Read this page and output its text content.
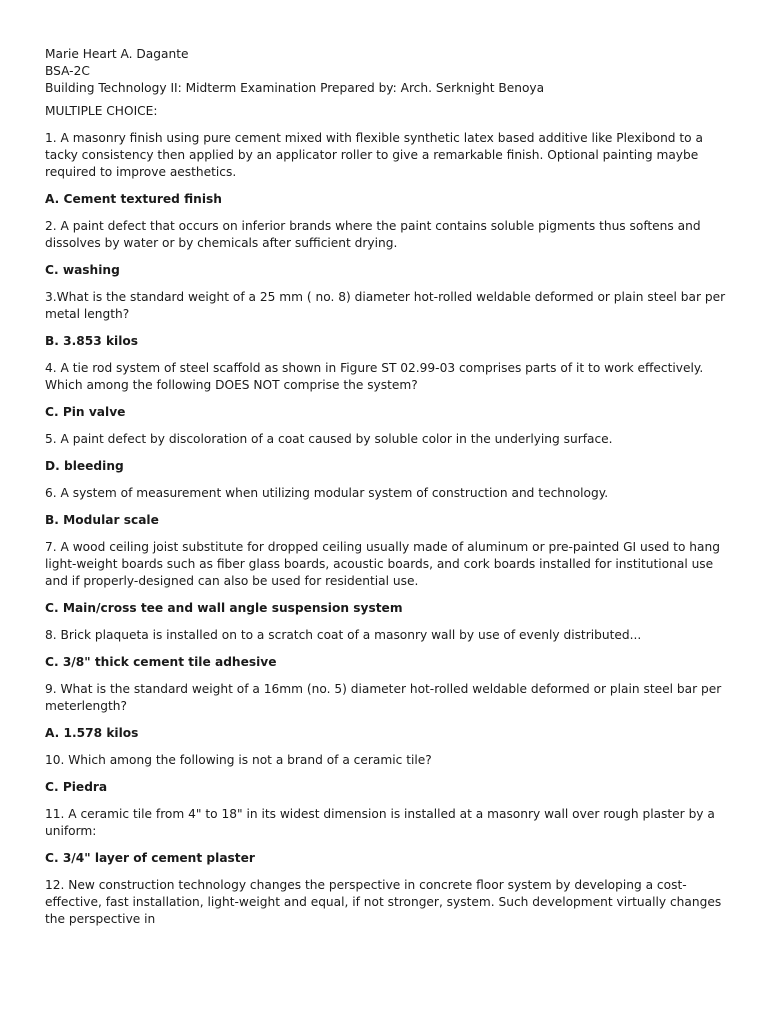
Marie Heart A. Dagante
BSA-2C
Building Technology II: Midterm Examination Prepared by: Arch. Serknight Benoya
MULTIPLE CHOICE:
1. A masonry finish using pure cement mixed with flexible synthetic latex based additive like Plexibond to a tacky consistency then applied by an applicator roller to give a remarkable finish. Optional painting maybe required to improve aesthetics.
A. Cement textured finish
2. A paint defect that occurs on inferior brands where the paint contains soluble pigments thus softens and dissolves by water or by chemicals after sufficient drying.
C. washing
3.What is the standard weight of a 25 mm ( no. 8) diameter hot-rolled weldable deformed or plain steel bar per metal length?
B. 3.853 kilos
4. A tie rod system of steel scaffold as shown in Figure ST 02.99-03 comprises parts of it to work effectively. Which among the following DOES NOT comprise the system?
C. Pin valve
5. A paint defect by discoloration of a coat caused by soluble color in the underlying surface.
D. bleeding
6. A system of measurement when utilizing modular system of construction and technology.
B. Modular scale
7. A wood ceiling joist substitute for dropped ceiling usually made of aluminum or pre-painted GI used to hang light-weight boards such as fiber glass boards, acoustic boards, and cork boards installed for institutional use and if properly-designed can also be used for residential use.
C. Main/cross tee and wall angle suspension system
8. Brick plaqueta is installed on to a scratch coat of a masonry wall by use of evenly distributed...
C. 3/8" thick cement tile adhesive
9. What is the standard weight of a 16mm (no. 5) diameter hot-rolled weldable deformed or plain steel bar per meterlength?
A. 1.578 kilos
10. Which among the following is not a brand of a ceramic tile?
C. Piedra
11. A ceramic tile from 4" to 18" in its widest dimension is installed at a masonry wall over rough plaster by a uniform:
C. 3/4" layer of cement plaster
12. New construction technology changes the perspective in concrete floor system by developing a cost-effective, fast installation, light-weight and equal, if not stronger, system. Such development virtually changes the perspective in
